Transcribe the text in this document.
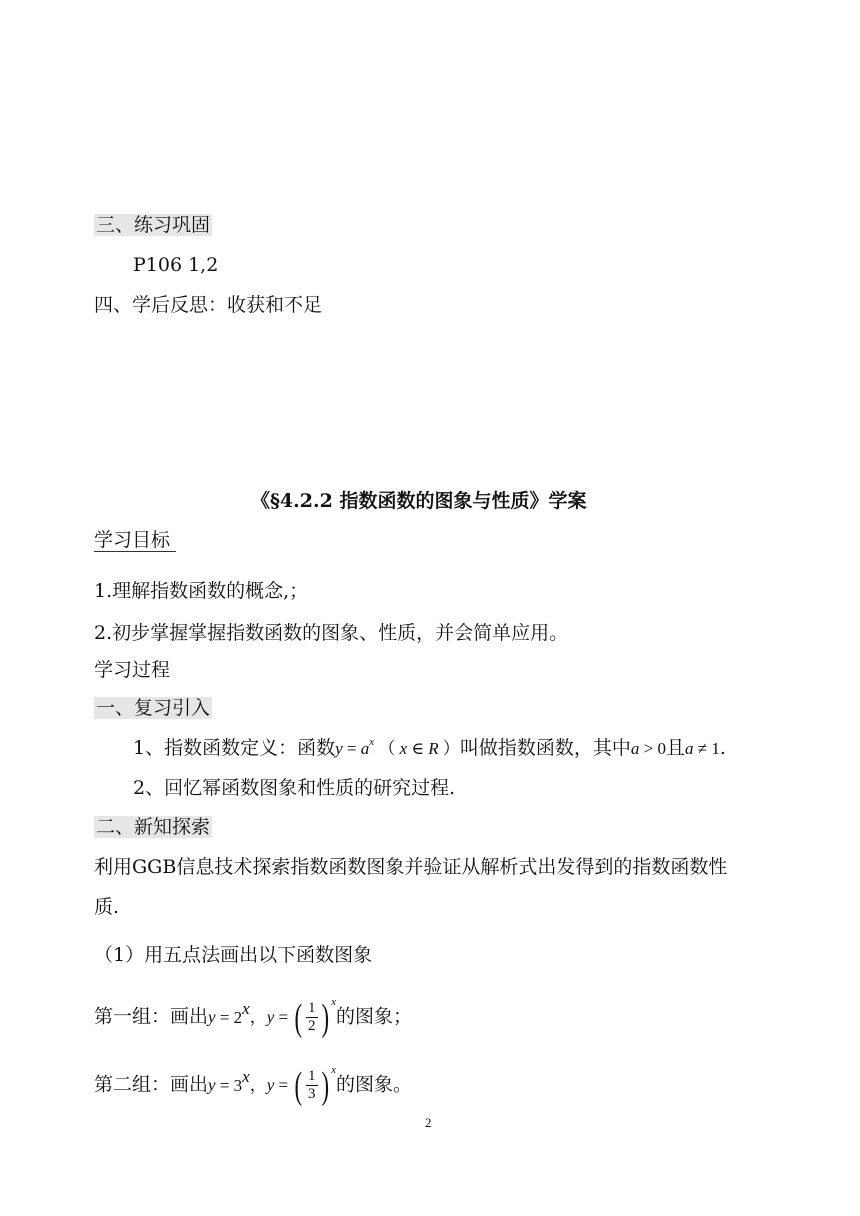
三、练习巩固
P106 1,2
四、学后反思：收获和不足
《§4.2.2 指数函数的图象与性质》学案
学习目标
1.理解指数函数的概念,；
2.初步掌握掌握指数函数的图象、性质，并会简单应用。
学习过程
一、复习引入
1、指数函数定义：函数$y = a^x$ （ x ∈ R ）叫做指数函数，其中a > 0且a ≠ 1.
2、回忆幂函数图象和性质的研究过程.
二、新知探索
利用GGB信息技术探索指数函数图象并验证从解析式出发得到的指数函数性
质.
（1）用五点法画出以下函数图象
第一组：画出$y = 2^x$，y = ( $\frac{1}{2}$ ) $^x$的图象；
第二组：画出$y = 3^x$，y = ( $\frac{1}{3}$ ) $^x$的图象。
2
